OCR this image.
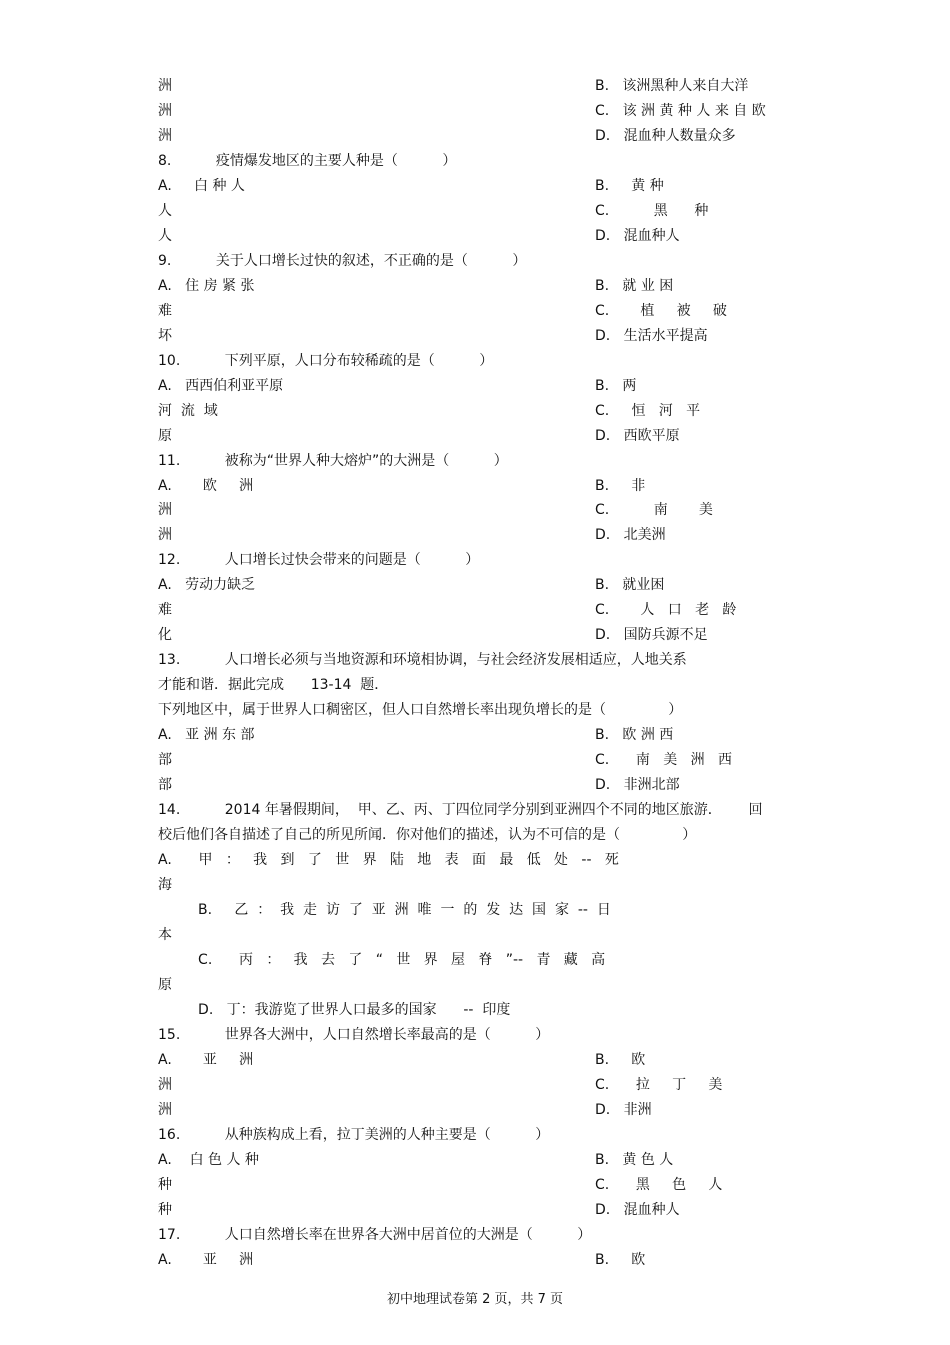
洲	B.   该洲黑种人来自大洋
洲	C.   该 洲 黄 种 人 来 自 欧
洲	D.   混血种人数量众多
8.          疫情爆发地区的主要人种是（          ）
A.     白 种 人	B.     黄 种
人	C.          黑      种
人	D.   混血种人
9.          关于人口增长过快的叙述，不正确的是（          ）
A.   住 房 紧 张	B.   就 业 困
难	C.       植     被     破
坏	D.   生活水平提高
10.          下列平原，人口分布较稀疏的是（          ）
A.   西西伯利亚平原	B.   两
河  流  域	C.     恒   河   平
原	D.   西欧平原
11.          被称为“世界人种大熔炉”的大洲是（          ）
A.       欧     洲	B.     非
洲	C.          南       美
洲	D.   北美洲
12.          人口增长过快会带来的问题是（          ）
A.   劳动力缺乏	B.   就业困
难	C.       人   口   老   龄
化	D.   国防兵源不足
13.          人口增长必须与当地资源和环境相协调，与社会经济发展相适应，人地关系
才能和谐．据此完成      13-14  题．
下列地区中，属于世界人口稠密区，但人口自然增长率出现负增长的是（              ）
A.   亚 洲 东 部	B.   欧 洲 西
部	C.      南   美   洲   西
部	D.   非洲北部
14.          2014 年暑假期间，  甲、乙、丙、丁四位同学分别到亚洲四个不同的地区旅游．      回
校后他们各自描述了自己的所见所闻．你对他们的描述，认为不可信的是（              ）
A.      甲   ：   我   到   了   世   界   陆   地   表   面   最   低   处   --   死
海
B.     乙  ：  我  走  访  了  亚  洲  唯  一  的  发  达  国  家  --  日
本
C.      丙   ：   我   去   了   “   世   界   屋   脊   ”--   青   藏   高
原
D.   丁：我游览了世界人口最多的国家      --  印度
15.          世界各大洲中，人口自然增长率最高的是（          ）
A.       亚     洲	B.     欧
洲	C.      拉     丁     美
洲	D.   非洲
16.          从种族构成上看，拉丁美洲的人种主要是（          ）
A.    白 色 人 种	B.   黄 色 人
种	C.      黑     色     人
种	D.   混血种人
17.          人口自然增长率在世界各大洲中居首位的大洲是（          ）
A.       亚     洲	B.     欧
初中地理试卷第 2 页，共 7 页
